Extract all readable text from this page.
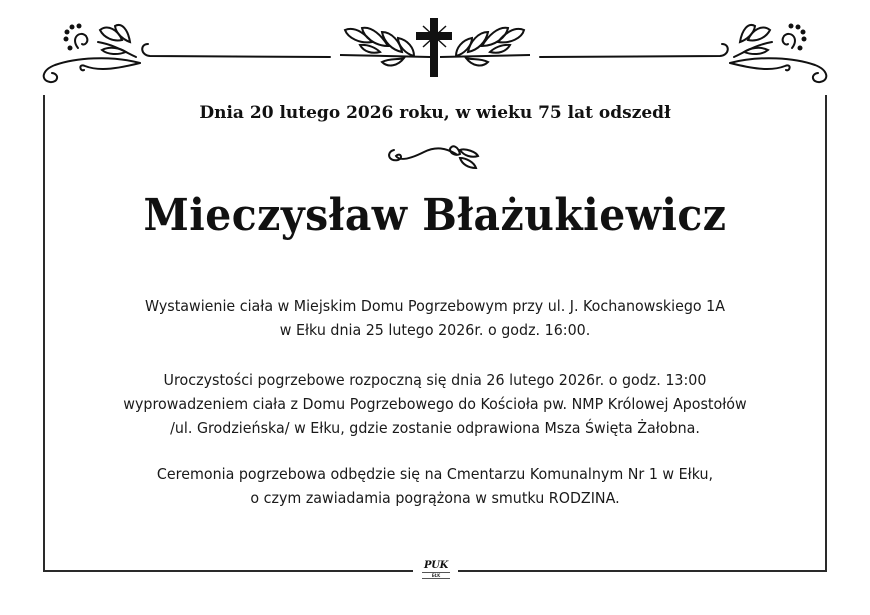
Dnia 20 lutego 2026 roku, w wieku 75 lat odszedł
Mieczysław Błażukiewicz
Wystawienie ciała w Miejskim Domu Pogrzebowym przy ul. J. Kochanowskiego 1A
w Ełku dnia 25 lutego 2026r. o godz. 16:00.
Uroczystości pogrzebowe rozpoczną się dnia 26 lutego 2026r. o godz. 13:00
wyprowadzeniem ciała z Domu Pogrzebowego do Kościoła pw. NMP Królowej Apostołów
/ul. Grodzieńska/ w Ełku, gdzie zostanie odprawiona Msza Święta Żałobna.
Ceremonia pogrzebowa odbędzie się na Cmentarzu Komunalnym Nr 1 w Ełku,
o czym zawiadamia pogrążona w smutku RODZINA.
PUK
EŁK
